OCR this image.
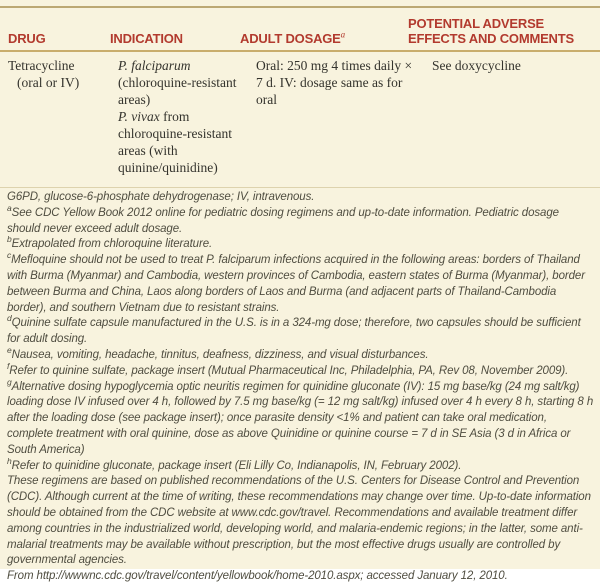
DRUG	INDICATION	ADULT DOSAGE$^a$
POTENTIAL ADVERSE EFFECTS AND COMMENTS
Tetracycline
(oral or IV)
P. falciparum (chloroquine-resistant areas)
P. vivax from chloroquine-resistant areas (with quinine/quinidine)
Oral: 250 mg 4 times daily × 7 d. IV: dosage same as for oral
See doxycycline

G6PD, glucose-6-phosphate dehydrogenase; IV, intravenous.

$^a$See CDC Yellow Book 2012 online for pediatric dosing regimens and up-to-date information. Pediatric dosage should never exceed adult dosage.

$^b$Extrapolated from chloroquine literature.

$^c$Mefloquine should not be used to treat P. falciparum infections acquired in the following areas: borders of Thailand with Burma (Myanmar) and Cambodia, western provinces of Cambodia, eastern states of Burma (Myanmar), border between Burma and China, Laos along borders of Laos and Burma (and adjacent parts of Thailand-Cambodia border), and southern Vietnam due to resistant strains.

$^d$Quinine sulfate capsule manufactured in the U.S. is in a 324-mg dose; therefore, two capsules should be sufficient for adult dosing.

$^e$Nausea, vomiting, headache, tinnitus, deafness, dizziness, and visual disturbances.

$^f$Refer to quinine sulfate, package insert (Mutual Pharmaceutical Inc, Philadelphia, PA, Rev 08, November 2009).

$^g$Alternative dosing hypoglycemia optic neuritis regimen for quinidine gluconate (IV): 15 mg base/kg (24 mg salt/kg) loading dose IV infused over 4 h, followed by 7.5 mg base/kg (= 12 mg salt/kg) infused over 4 h every 8 h, starting 8 h after the loading dose (see package insert); once parasite density <1% and patient can take oral medication, complete treatment with oral quinine, dose as above Quinidine or quinine course = 7 d in SE Asia (3 d in Africa or South America)

$^h$Refer to quinidine gluconate, package insert (Eli Lilly Co, Indianapolis, IN, February 2002).

These regimens are based on published recommendations of the U.S. Centers for Disease Control and Prevention (CDC). Although current at the time of writing, these recommendations may change over time. Up-to-date information should be obtained from the CDC website at www.cdc.gov/travel. Recommendations and available treatment differ among countries in the industrialized world, developing world, and malaria-endemic regions; in the latter, some anti-malarial treatments may be available without prescription, but the most effective drugs usually are controlled by governmental agencies.

From http://wwwnc.cdc.gov/travel/content/yellowbook/home-2010.aspx; accessed January 12, 2010.
